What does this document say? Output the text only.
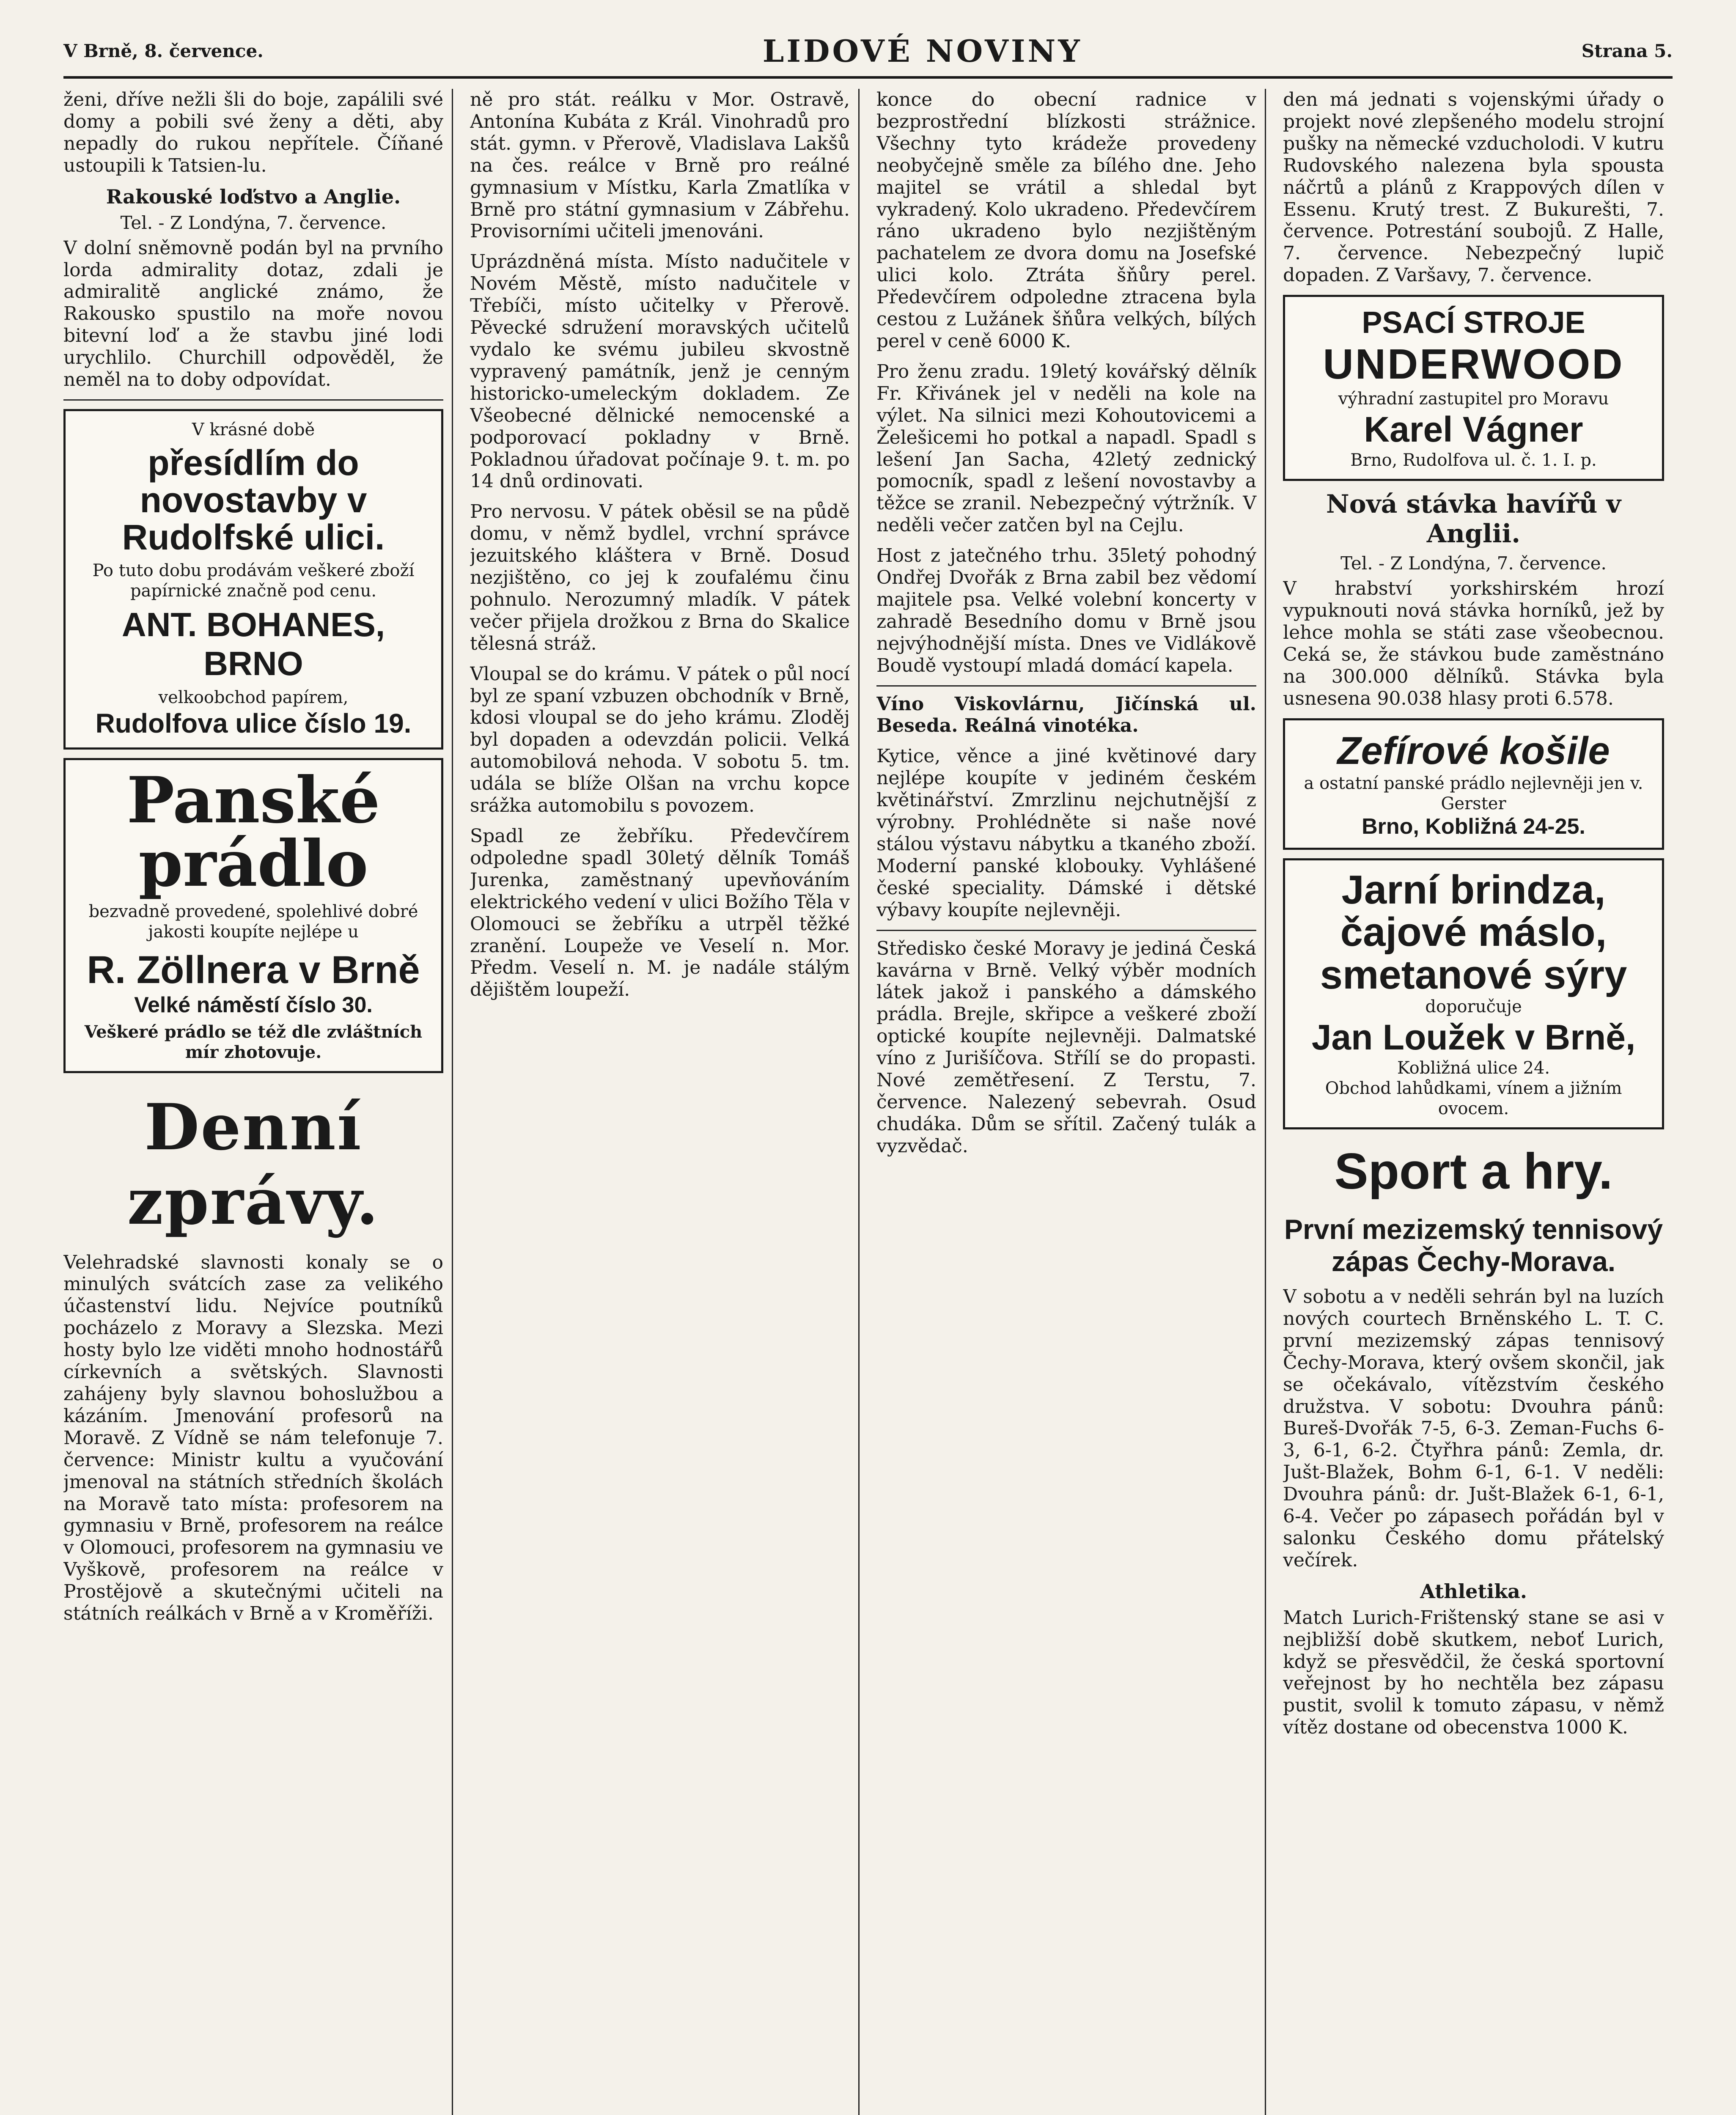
V Brně, 8. července.	LIDOVÉ NOVINY	Strana 5.

ženi, dříve nežli šli do boje, zapálili své domy a pobili své ženy a děti, aby nepadly do rukou nepřítele. Číňané ustoupili k Tatsien-lu.

Rakouské loďstvo a Anglie.
Tel. - Z Londýna, 7. července.

V dolní sněmovně podán byl na prvního lorda admirality dotaz, zdali je admiralitě anglické známo, že Rakousko spustilo na moře novou bitevní loď a že stavbu jiné lodi urychlilo. Churchill odpověděl, že neměl na to doby odpovídat.

V krásné době
přesídlím do novostavby v Rudolfské ulici.
Po tuto dobu prodávám veškeré zboží papírnické značně pod cenu.
ANT. BOHANES, BRNO
velkoobchod papírem,
Rudolfova ulice číslo 19.
Panské prádlo
bezvadně provedené, spolehlivé dobré jakosti koupíte nejlépe u
R. Zöllnera v Brně
Velké náměstí číslo 30.
Veškeré prádlo se též dle zvláštních mír zhotovuje.
Denní zprávy.

Velehradské slavnosti konaly se o minulých svátcích zase za velikého účastenství lidu. Nejvíce poutníků pocházelo z Moravy a Slezska. Mezi hosty bylo lze viděti mnoho hodnostářů církevních a světských. Slavnosti zahájeny byly slavnou bohoslužbou a kázáním. Jmenování profesorů na Moravě. Z Vídně se nám telefonuje 7. července: Ministr kultu a vyučování jmenoval na státních středních školách na Moravě tato místa: profesorem na gymnasiu v Brně, profesorem na reálce v Olomouci, profesorem na gymnasiu ve Vyškově, profesorem na reálce v Prostějově a skutečnými učiteli na státních reálkách v Brně a v Kroměříži.

ně pro stát. reálku v Mor. Ostravě, Antonína Kubáta z Král. Vinohradů pro stát. gymn. v Přerově, Vladislava Lakšů na čes. reálce v Brně pro reálné gymnasium v Místku, Karla Zmatlíka v Brně pro státní gymnasium v Zábřehu. Provisorními učiteli jmenováni.

Uprázdněná místa. Místo nadučitele v Novém Městě, místo nadučitele v Třebíči, místo učitelky v Přerově. Pěvecké sdružení moravských učitelů vydalo ke svému jubileu skvostně vypravený památník, jenž je cenným historicko-umeleckým dokladem. Ze Všeobecné dělnické nemocenské a podporovací pokladny v Brně. Pokladnou úřadovat počínaje 9. t. m. po 14 dnů ordinovati.

Pro nervosu. V pátek oběsil se na půdě domu, v němž bydlel, vrchní správce jezuitského kláštera v Brně. Dosud nezjištěno, co jej k zoufalému činu pohnulo. Nerozumný mladík. V pátek večer přijela drožkou z Brna do Skalice tělesná stráž.

Vloupal se do krámu. V pátek o půl nocí byl ze spaní vzbuzen obchodník v Brně, kdosi vloupal se do jeho krámu. Zloděj byl dopaden a odevzdán policii. Velká automobilová nehoda. V sobotu 5. tm. udála se blíže Olšan na vrchu kopce srážka automobilu s povozem.

Spadl ze žebříku. Předevčírem odpoledne spadl 30letý dělník Tomáš Jurenka, zaměstnaný upevňováním elektrického vedení v ulici Božího Těla v Olomouci se žebříku a utrpěl těžké zranění. Loupeže ve Veselí n. Mor. Předm. Veselí n. M. je nadále stálým dějištěm loupeží.

konce do obecní radnice v bezprostřední blízkosti strážnice. Všechny tyto krádeže provedeny neobyčejně směle za bílého dne. Jeho majitel se vrátil a shledal byt vykradený. Kolo ukradeno. Předevčírem ráno ukradeno bylo nezjištěným pachatelem ze dvora domu na Josefské ulici kolo. Ztráta šňůry perel. Předevčírem odpoledne ztracena byla cestou z Lužánek šňůra velkých, bílých perel v ceně 6000 K.

Pro ženu zradu. 19letý kovářský dělník Fr. Křivánek jel v neděli na kole na výlet. Na silnici mezi Kohoutovicemi a Želešicemi ho potkal a napadl. Spadl s lešení Jan Sacha, 42letý zednický pomocník, spadl z lešení novostavby a těžce se zranil. Nebezpečný výtržník. V neděli večer zatčen byl na Cejlu.

Host z jatečného trhu. 35letý pohodný Ondřej Dvořák z Brna zabil bez vědomí majitele psa. Velké volební koncerty v zahradě Besedního domu v Brně jsou nejvýhodnější místa. Dnes ve Vidlákově Boudě vystoupí mladá domácí kapela.

Víno Viskovlárnu, Jičínská ul. Beseda. Reálná vinotéka.

Kytice, věnce a jiné květinové dary nejlépe koupíte v jediném českém květinářství. Zmrzlinu nejchutnější z výrobny. Prohlédněte si naše nové stálou výstavu nábytku a tkaného zboží. Moderní panské klobouky. Vyhlášené české speciality. Dámské i dětské výbavy koupíte nejlevněji.

Středisko české Moravy je jediná Česká kavárna v Brně. Velký výběr modních látek jakož i panského a dámského prádla. Brejle, skřipce a veškeré zboží optické koupíte nejlevněji. Dalmatské víno z Jurišíčova. Střílí se do propasti. Nové zemětřesení. Z Terstu, 7. července. Nalezený sebevrah. Osud chudáka. Dům se sřítil. Začený tulák a vyzvědač.

den má jednati s vojenskými úřady o projekt nové zlepšeného modelu strojní pušky na německé vzducholodi. V kutru Rudovského nalezena byla spousta náčrtů a plánů z Krappových dílen v Essenu. Krutý trest. Z Bukurešti, 7. července. Potrestání soubojů. Z Halle, 7. července. Nebezpečný lupič dopaden. Z Varšavy, 7. července.

PSACÍ STROJE
UNDERWOOD
výhradní zastupitel pro Moravu
Karel Vágner
Brno, Rudolfova ul. č. 1. I. p.
Nová stávka havířů v Anglii.
Tel. - Z Londýna, 7. července.

V hrabství yorkshirském hrozí vypuknouti nová stávka horníků, jež by lehce mohla se státi zase všeobecnou. Ceká se, že stávkou bude zaměstnáno na 300.000 dělníků. Stávka byla usnesena 90.038 hlasy proti 6.578.

Zefírové košile
a ostatní panské prádlo nejlevněji jen v. Gerster
Brno, Kobližná 24-25.
Jarní brindza, čajové máslo, smetanové sýry
doporučuje
Jan Loužek v Brně,
Kobližná ulice 24.
Obchod lahůdkami, vínem a jižním ovocem.
Sport a hry.
První mezizemský tennisový zápas Čechy-Morava.

V sobotu a v neděli sehrán byl na luzích nových courtech Brněnského L. T. C. první mezizemský zápas tennisový Čechy-Morava, který ovšem skončil, jak se očekávalo, vítězstvím českého družstva. V sobotu: Dvouhra pánů: Bureš-Dvořák 7-5, 6-3. Zeman-Fuchs 6-3, 6-1, 6-2. Čtyřhra pánů: Zemla, dr. Jušt-Blažek, Bohm 6-1, 6-1. V neděli: Dvouhra pánů: dr. Jušt-Blažek 6-1, 6-1, 6-4. Večer po zápasech pořádán byl v salonku Českého domu přátelský večírek.

Athletika.

Match Lurich-Frištenský stane se asi v nejbližší době skutkem, neboť Lurich, když se přesvědčil, že česká sportovní veřejnost by ho nechtěla bez zápasu pustit, svolil k tomuto zápasu, v němž vítěz dostane od obecenstva 1000 K.
